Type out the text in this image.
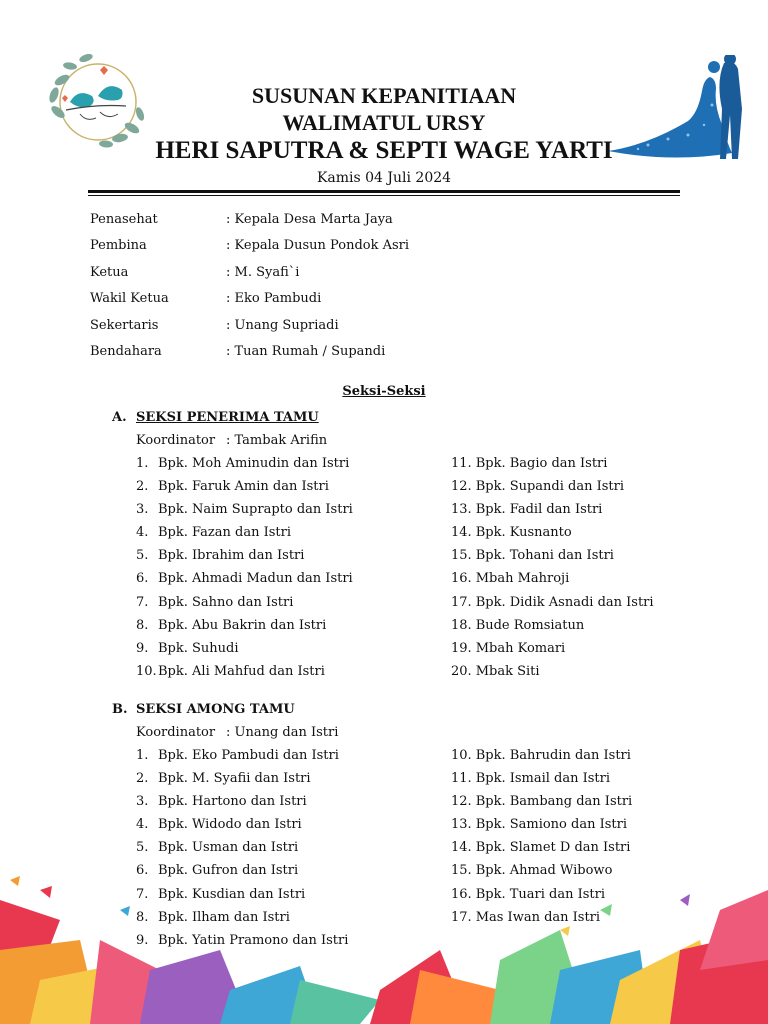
SUSUNAN KEPANITIAAN
WALIMATUL URSY
HERI SAPUTRA & SEPTI WAGE YARTI
Kamis 04 Juli 2024
Penasehat	: Kepala Desa Marta Jaya
Pembina	: Kepala Dusun Pondok Asri
Ketua	: M. Syafi`i
Wakil Ketua	: Eko Pambudi
Sekertaris	: Unang Supriadi
Bendahara	: Tuan Rumah / Supandi
Seksi-Seksi
A. SEKSI PENERIMA TAMU
Koordinator : Tambak Arifin
1. Bpk. Moh Aminudin dan Istri
2. Bpk. Faruk Amin dan Istri
3. Bpk. Naim Suprapto dan Istri
4. Bpk. Fazan dan Istri
5. Bpk. Ibrahim dan Istri
6. Bpk. Ahmadi Madun dan Istri
7. Bpk. Sahno dan Istri
8. Bpk. Abu Bakrin dan Istri
9. Bpk. Suhudi
10. Bpk. Ali Mahfud dan Istri
11. Bpk. Bagio dan Istri
12. Bpk. Supandi dan Istri
13. Bpk. Fadil dan Istri
14. Bpk. Kusnanto
15. Bpk. Tohani dan Istri
16. Mbah Mahroji
17. Bpk. Didik Asnadi dan Istri
18. Bude Romsiatun
19. Mbah Komari
20. Mbak Siti
B. SEKSI AMONG TAMU
Koordinator : Unang dan Istri
1. Bpk. Eko Pambudi dan Istri
2. Bpk. M. Syafii dan Istri
3. Bpk. Hartono dan Istri
4. Bpk. Widodo dan Istri
5. Bpk. Usman dan Istri
6. Bpk. Gufron dan Istri
7. Bpk. Kusdian dan Istri
8. Bpk. Ilham dan Istri
9. Bpk. Yatin Pramono dan Istri
10. Bpk. Bahrudin dan Istri
11. Bpk. Ismail dan Istri
12. Bpk. Bambang dan Istri
13. Bpk. Samiono dan Istri
14. Bpk. Slamet D dan Istri
15. Bpk. Ahmad Wibowo
16. Bpk. Tuari dan Istri
17. Mas Iwan dan Istri
